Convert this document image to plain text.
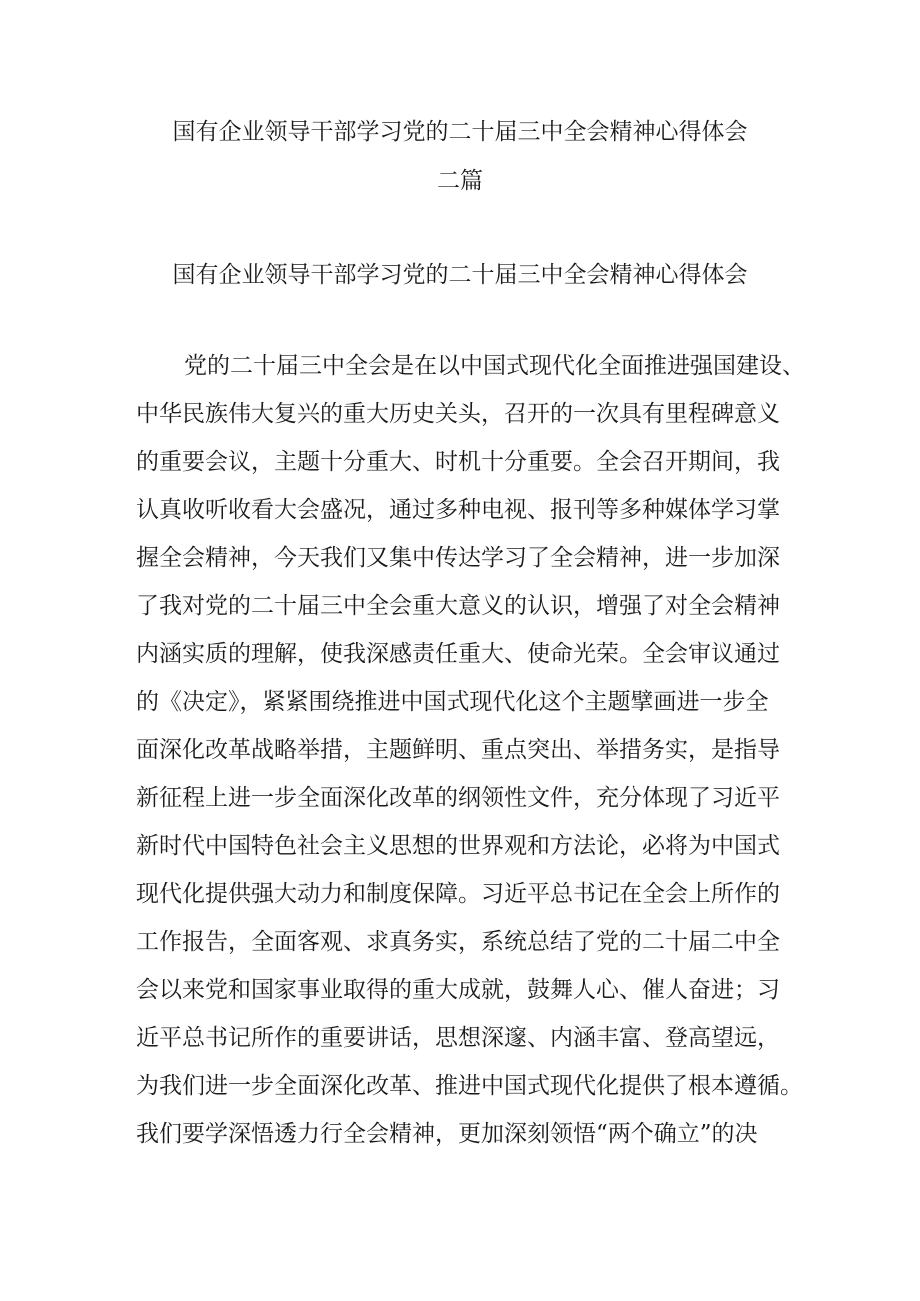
国有企业领导干部学习党的二十届三中全会精神心得体会
二篇
国有企业领导干部学习党的二十届三中全会精神心得体会
党的二十届三中全会是在以中国式现代化全面推进强国建设、
中华民族伟大复兴的重大历史关头，召开的一次具有里程碑意义
的重要会议，主题十分重大、时机十分重要。全会召开期间，我
认真收听收看大会盛况，通过多种电视、报刊等多种媒体学习掌
握全会精神，今天我们又集中传达学习了全会精神，进一步加深
了我对党的二十届三中全会重大意义的认识，增强了对全会精神
内涵实质的理解，使我深感责任重大、使命光荣。全会审议通过
的《决定》，紧紧围绕推进中国式现代化这个主题擘画进一步全
面深化改革战略举措，主题鲜明、重点突出、举措务实，是指导
新征程上进一步全面深化改革的纲领性文件，充分体现了习近平
新时代中国特色社会主义思想的世界观和方法论，必将为中国式
现代化提供强大动力和制度保障。习近平总书记在全会上所作的
工作报告，全面客观、求真务实，系统总结了党的二十届二中全
会以来党和国家事业取得的重大成就，鼓舞人心、催人奋进；习
近平总书记所作的重要讲话，思想深邃、内涵丰富、登高望远，
为我们进一步全面深化改革、推进中国式现代化提供了根本遵循。
我们要学深悟透力行全会精神，更加深刻领悟“两个确立”的决
